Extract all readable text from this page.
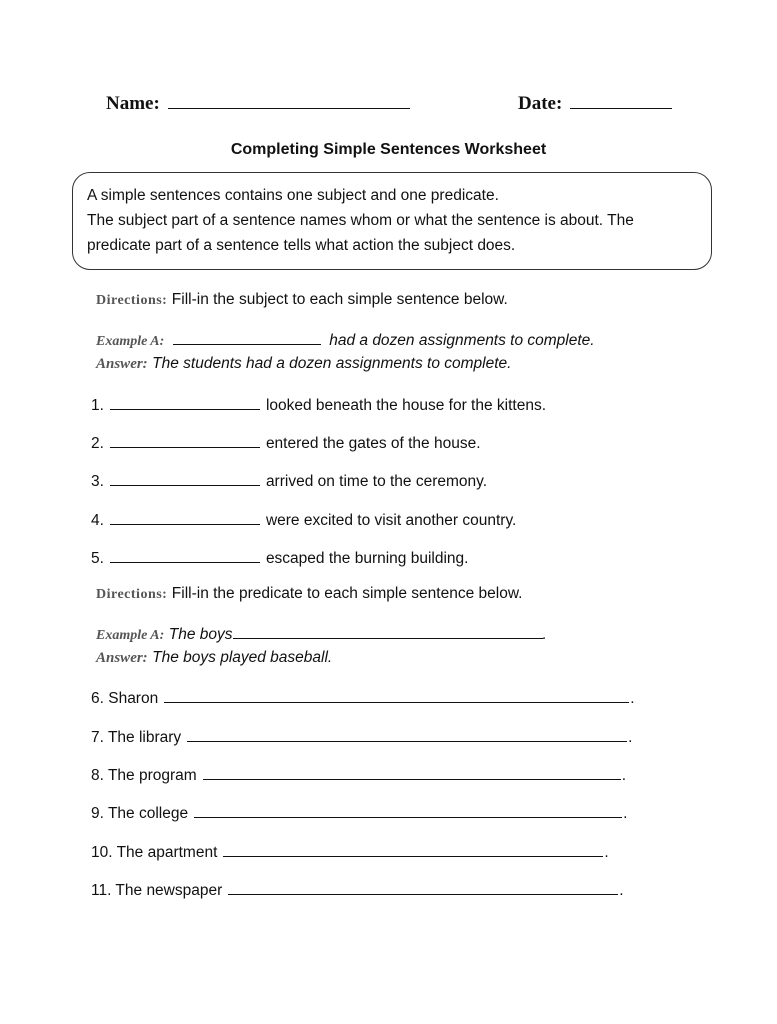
Name:	Date:
Completing Simple Sentences Worksheet
A simple sentences contains one subject and one predicate.
The subject part of a sentence names whom or what the sentence is about. The
predicate part of a sentence tells what action the subject does.
Directions: Fill-in the subject to each simple sentence below.
Example A:	had a dozen assignments to complete.
Answer: The students had a dozen assignments to complete.
1.	looked beneath the house for the kittens.
2.	entered the gates of the house.
3.	arrived on time to the ceremony.
4.	were excited to visit another country.
5.	escaped the burning building.
Directions: Fill-in the predicate to each simple sentence below.
Example A: The boys	.
Answer: The boys played baseball.
6. Sharon	.
7. The library	.
8. The program	.
9. The college	.
10. The apartment	.
11. The newspaper	.
